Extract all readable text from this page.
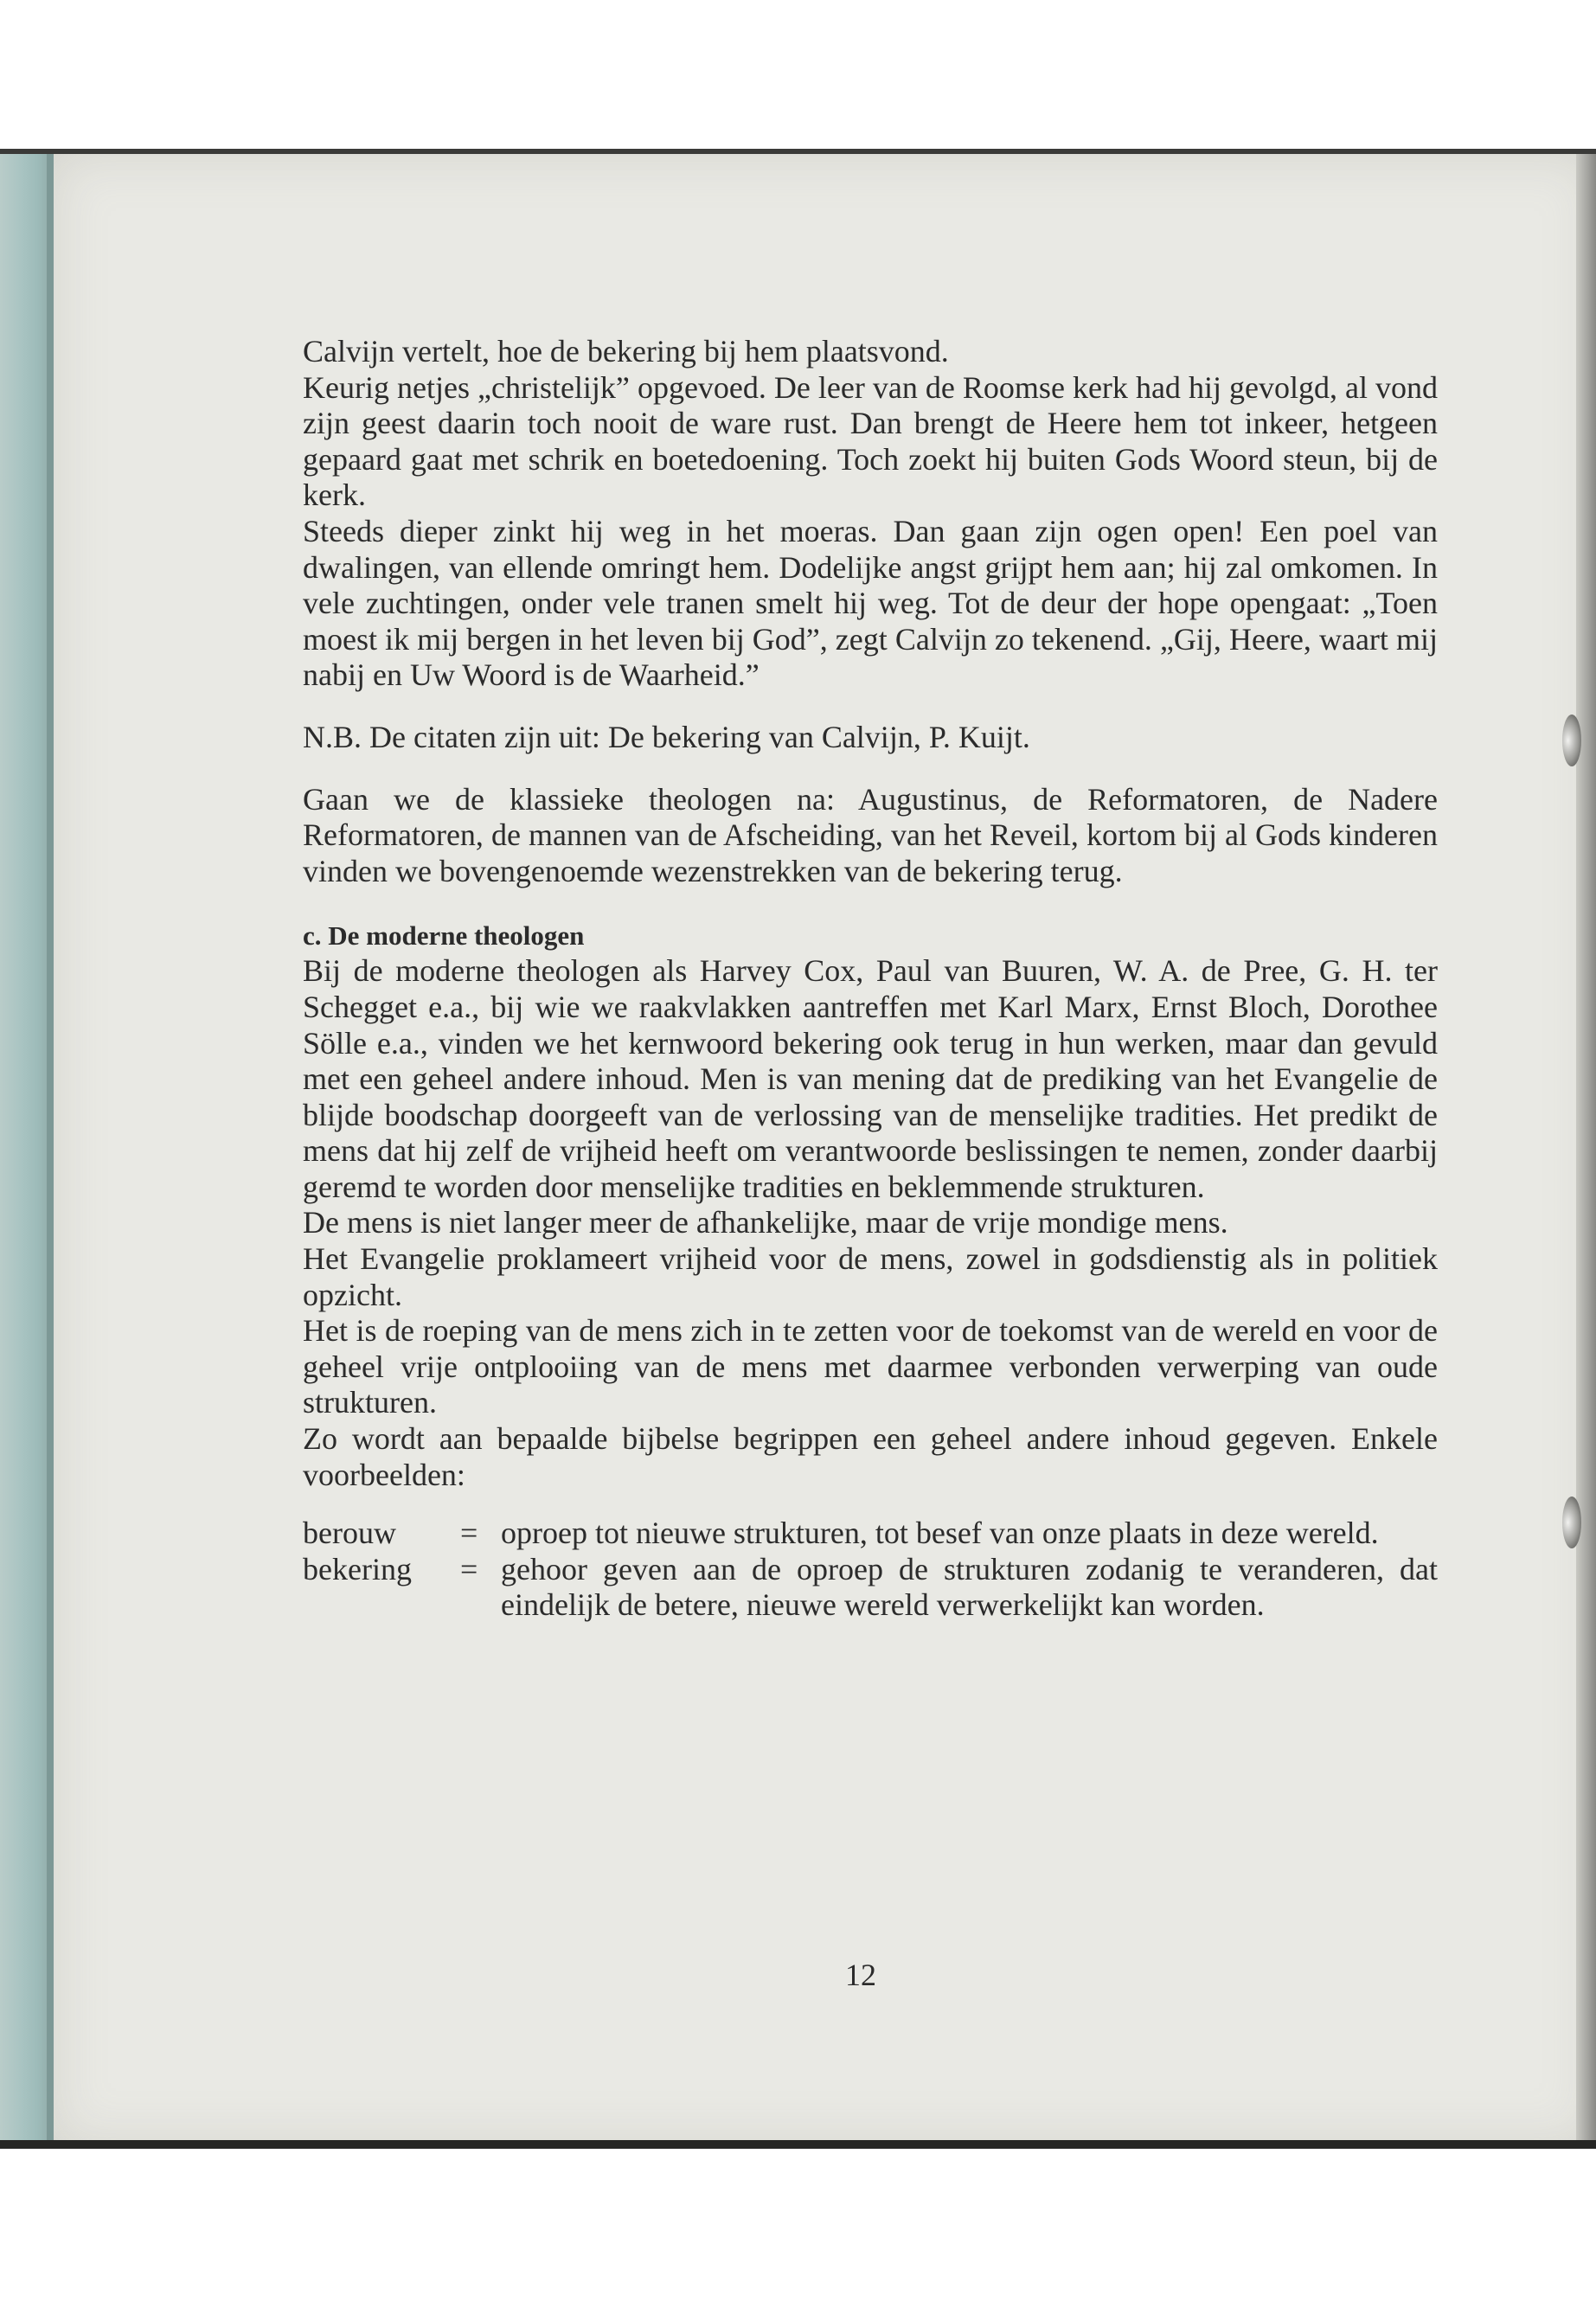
Calvijn vertelt, hoe de bekering bij hem plaatsvond.

Keurig netjes „christelijk” opgevoed. De leer van de Roomse kerk had hij gevolgd, al vond zijn geest daarin toch nooit de ware rust. Dan brengt de Heere hem tot inkeer, hetgeen gepaard gaat met schrik en boetedoening. Toch zoekt hij buiten Gods Woord steun, bij de kerk.

Steeds dieper zinkt hij weg in het moeras. Dan gaan zijn ogen open! Een poel van dwalingen, van ellende omringt hem. Dodelijke angst grijpt hem aan; hij zal omkomen. In vele zuchtingen, onder vele tranen smelt hij weg. Tot de deur der hope opengaat: „Toen moest ik mij bergen in het leven bij God”, zegt Calvijn zo tekenend. „Gij, Heere, waart mij nabij en Uw Woord is de Waarheid.”

N.B. De citaten zijn uit: De bekering van Calvijn, P. Kuijt.

Gaan we de klassieke theologen na: Augustinus, de Reformatoren, de Nadere Reformatoren, de mannen van de Afscheiding, van het Reveil, kortom bij al Gods kinderen vinden we bovengenoemde wezenstrekken van de bekering terug.

c. De moderne theologen

Bij de moderne theologen als Harvey Cox, Paul van Buuren, W. A. de Pree, G. H. ter Schegget e.a., bij wie we raakvlakken aantreffen met Karl Marx, Ernst Bloch, Dorothee Sölle e.a., vinden we het kernwoord bekering ook terug in hun werken, maar dan gevuld met een geheel andere inhoud. Men is van mening dat de prediking van het Evangelie de blijde boodschap doorgeeft van de verlossing van de menselijke tradities. Het predikt de mens dat hij zelf de vrijheid heeft om verantwoorde beslissingen te nemen, zonder daarbij geremd te worden door menselijke tradities en beklemmende strukturen.

De mens is niet langer meer de afhankelijke, maar de vrije mondige mens.

Het Evangelie proklameert vrijheid voor de mens, zowel in godsdienstig als in politiek opzicht.

Het is de roeping van de mens zich in te zetten voor de toekomst van de wereld en voor de geheel vrije ontplooiing van de mens met daarmee verbonden verwerping van oude strukturen.

Zo wordt aan bepaalde bijbelse begrippen een geheel andere inhoud gegeven. Enkele voorbeelden:

berouw	= oproep tot nieuwe strukturen, tot besef van onze plaats in deze wereld.
bekering	= gehoor geven aan de oproep de strukturen zodanig te veranderen, dat eindelijk de betere, nieuwe wereld verwerkelijkt kan worden.
12
